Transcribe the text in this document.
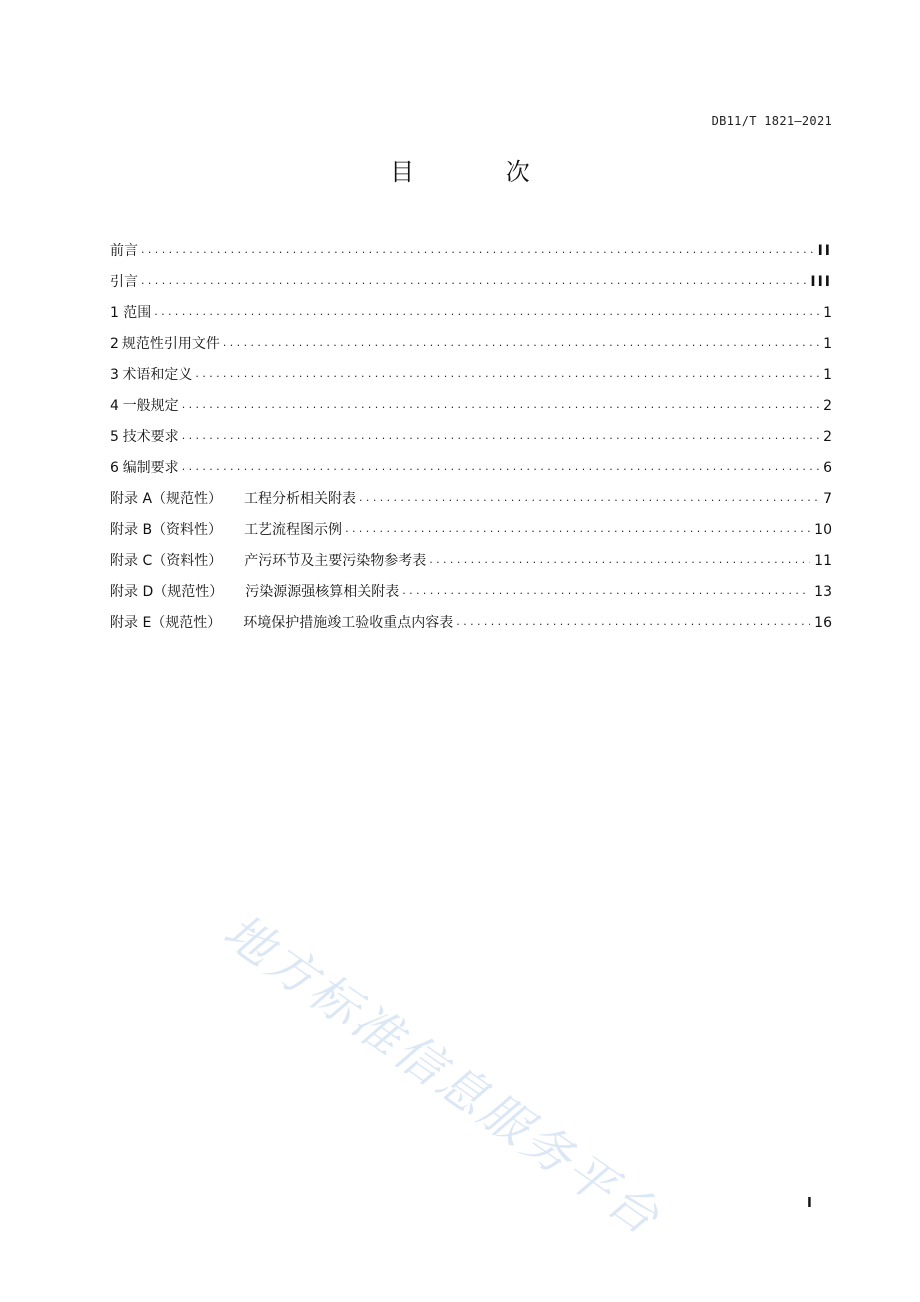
DB11/T 1821—2021
目 次
前言 .....	II
引言 .....	III
1 范围 .....	1
2 规范性引用文件 .....	1
3 术语和定义 .....	1
4 一般规定 .....	2
5 技术要求 .....	2
6 编制要求 .....	6
附录 A（规范性） 工程分析相关附表 .....	7
附录 B（资料性） 工艺流程图示例 .....	10
附录 C（资料性） 产污环节及主要污染物参考表 .....	11
附录 D（规范性） 污染源源强核算相关附表 .....	13
附录 E（规范性） 环境保护措施竣工验收重点内容表 .....	16
地方标准信息服务平台	I
